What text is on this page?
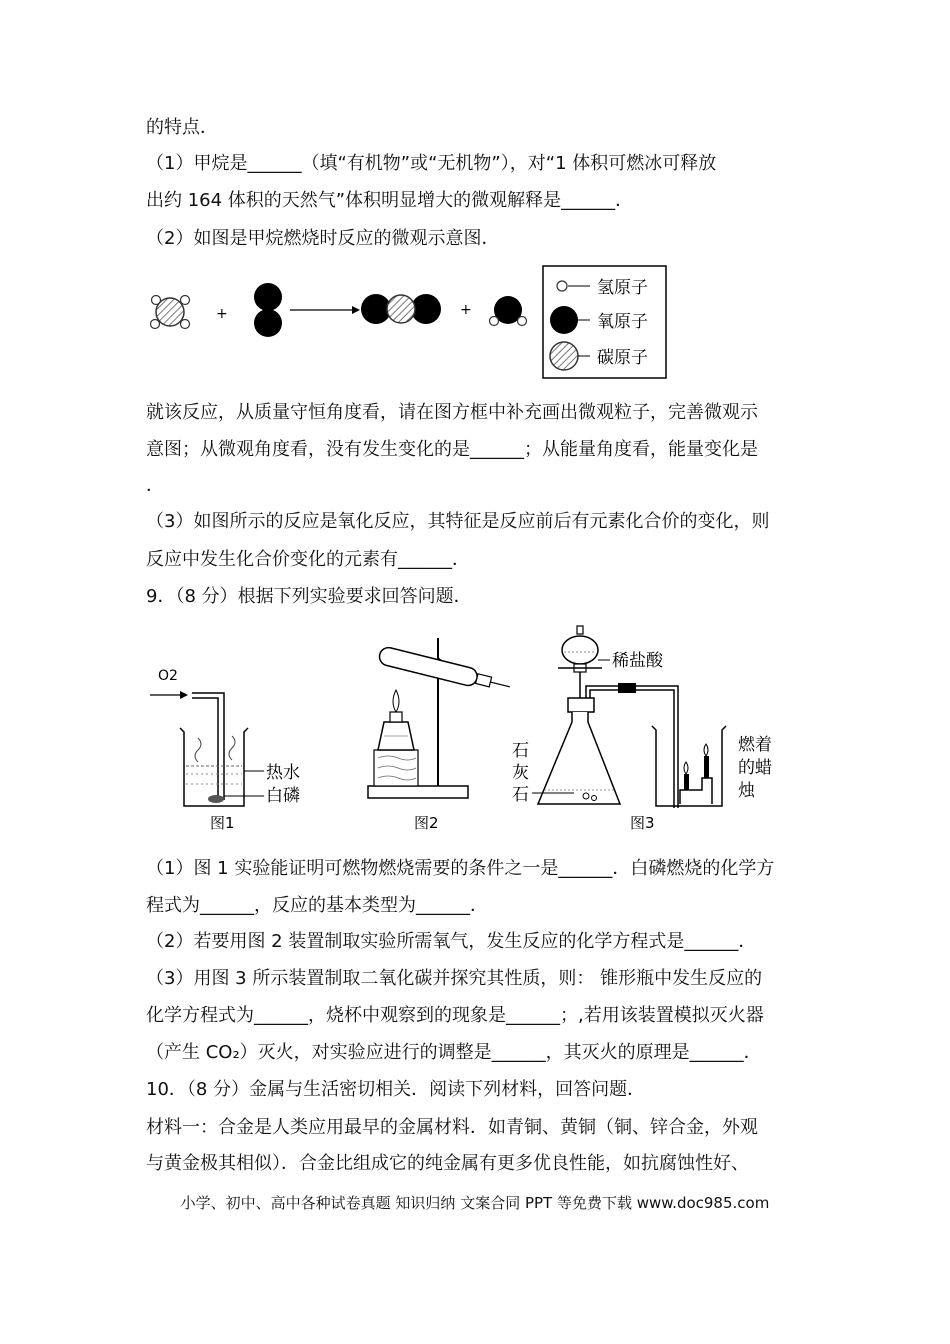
的特点．
（1）甲烷是______（填“有机物”或“无机物”），对“1 体积可燃冰可释放
出约 164 体积的天然气”体积明显增大的微观解释是______．
（2）如图是甲烷燃烧时反应的微观示意图．
+	+
氢原子
氧原子
碳原子
就该反应，从质量守恒角度看，请在图方框中补充画出微观粒子，完善微观示
意图；从微观角度看，没有发生变化的是______；从能量角度看，能量变化是
．
（3）如图所示的反应是氧化反应，其特征是反应前后有元素化合价的变化，则
反应中发生化合价变化的元素有______．
9．（8 分）根据下列实验要求回答问题．
O2
热水
白磷
图1	图2
稀盐酸
石
灰
石
燃着
的蜡
烛
图3
（1）图 1 实验能证明可燃物燃烧需要的条件之一是______．白磷燃烧的化学方
程式为______，反应的基本类型为______．
（2）若要用图 2 装置制取实验所需氧气，发生反应的化学方程式是______．
（3）用图 3 所示装置制取二氧化碳并探究其性质，则： 锥形瓶中发生反应的
化学方程式为______，烧杯中观察到的现象是______；,若用该装置模拟灭火器
（产生 CO₂）灭火，对实验应进行的调整是______，其灭火的原理是______．
10．（8 分）金属与生活密切相关．阅读下列材料，回答问题．
材料一：合金是人类应用最早的金属材料．如青铜、黄铜（铜、锌合金，外观
与黄金极其相似）．合金比组成它的纯金属有更多优良性能，如抗腐蚀性好、
小学、初中、高中各种试卷真题 知识归纳 文案合同 PPT 等免费下载 www.doc985.com
